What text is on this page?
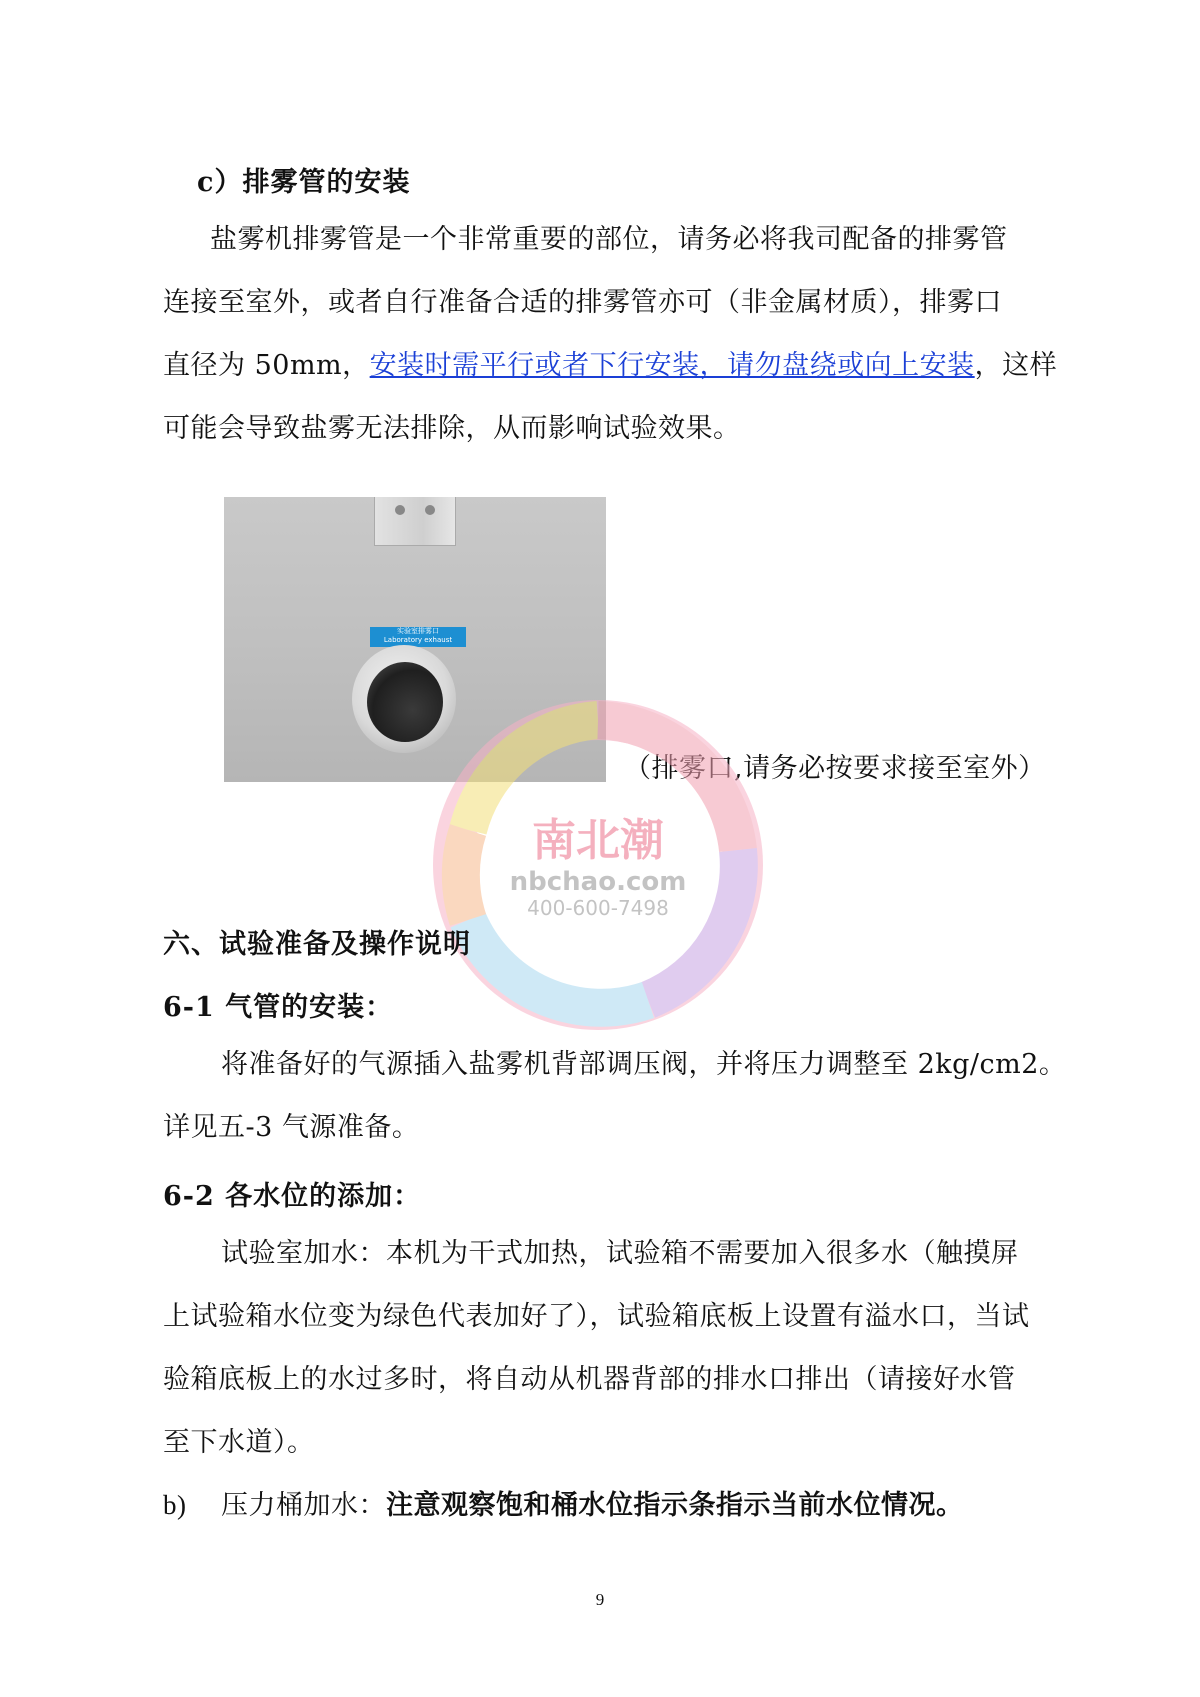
c）排雾管的安装
盐雾机排雾管是一个非常重要的部位，请务必将我司配备的排雾管
连接至室外，或者自行准备合适的排雾管亦可（非金属材质），排雾口
直径为 50mm，安装时需平行或者下行安装，请勿盘绕或向上安装，这样
可能会导致盐雾无法排除，从而影响试验效果。
实验室排雾口
Laboratory exhaust
（排雾口,请务必按要求接至室外）
南北潮
nbchao.com
400-600-7498
六、试验准备及操作说明
6-1 气管的安装：
将准备好的气源插入盐雾机背部调压阀，并将压力调整至 2kg/cm2。
详见五-3 气源准备。
6-2 各水位的添加：
试验室加水：本机为干式加热，试验箱不需要加入很多水（触摸屏
上试验箱水位变为绿色代表加好了），试验箱底板上设置有溢水口，当试
验箱底板上的水过多时，将自动从机器背部的排水口排出（请接好水管
至下水道）。
b) 压力桶加水：注意观察饱和桶水位指示条指示当前水位情况。
9
